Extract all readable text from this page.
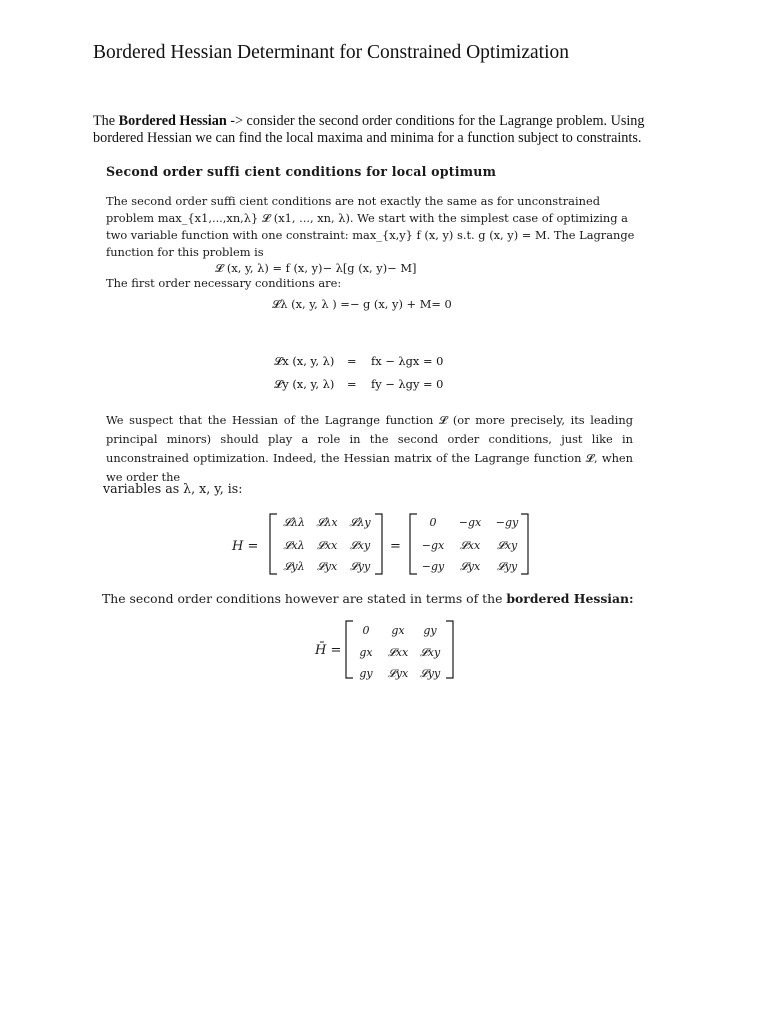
Bordered Hessian Determinant for Constrained Optimization
The Bordered Hessian -> consider the second order conditions for the Lagrange problem. Using bordered Hessian we can find the local maxima and minima for a function subject to constraints.
Second order suffi cient conditions for local optimum
The second order suffi cient conditions are not exactly the same as for unconstrained problem max_{x1,...,xn,λ} 𝓛 (x1, ..., xn, λ). We start with the simplest case of optimizing a two variable function with one constraint: max_{x,y} f (x, y) s.t. g (x, y) = M. The Lagrange function for this problem is
𝓛 (x, y, λ) = f (x, y)− λ[g (x, y)− M]
The first order necessary conditions are:
𝓛λ (x, y, λ ) =− g (x, y) + M= 0
𝓛x (x, y, λ) = fx − λgx = 0
𝓛y (x, y, λ) = fy − λgy = 0
We suspect that the Hessian of the Lagrange function 𝓛 (or more precisely, its leading principal minors) should play a role in the second order conditions, just like in unconstrained optimization. Indeed, the Hessian matrix of the Lagrange function 𝓛, when we order the
variables as λ, x, y, is:
H =
𝓛λλ 𝓛λx 𝓛λy
𝓛xλ 𝓛xx 𝓛xy
𝓛yλ 𝓛yx 𝓛yy
=
0 −gx −gy
−gx 𝓛xx 𝓛xy
−gy 𝓛yx 𝓛yy
H̄ =
0 gx gy
gx 𝓛xx 𝓛xy
gy 𝓛yx 𝓛yy
The second order conditions however are stated in terms of the bordered Hessian:
